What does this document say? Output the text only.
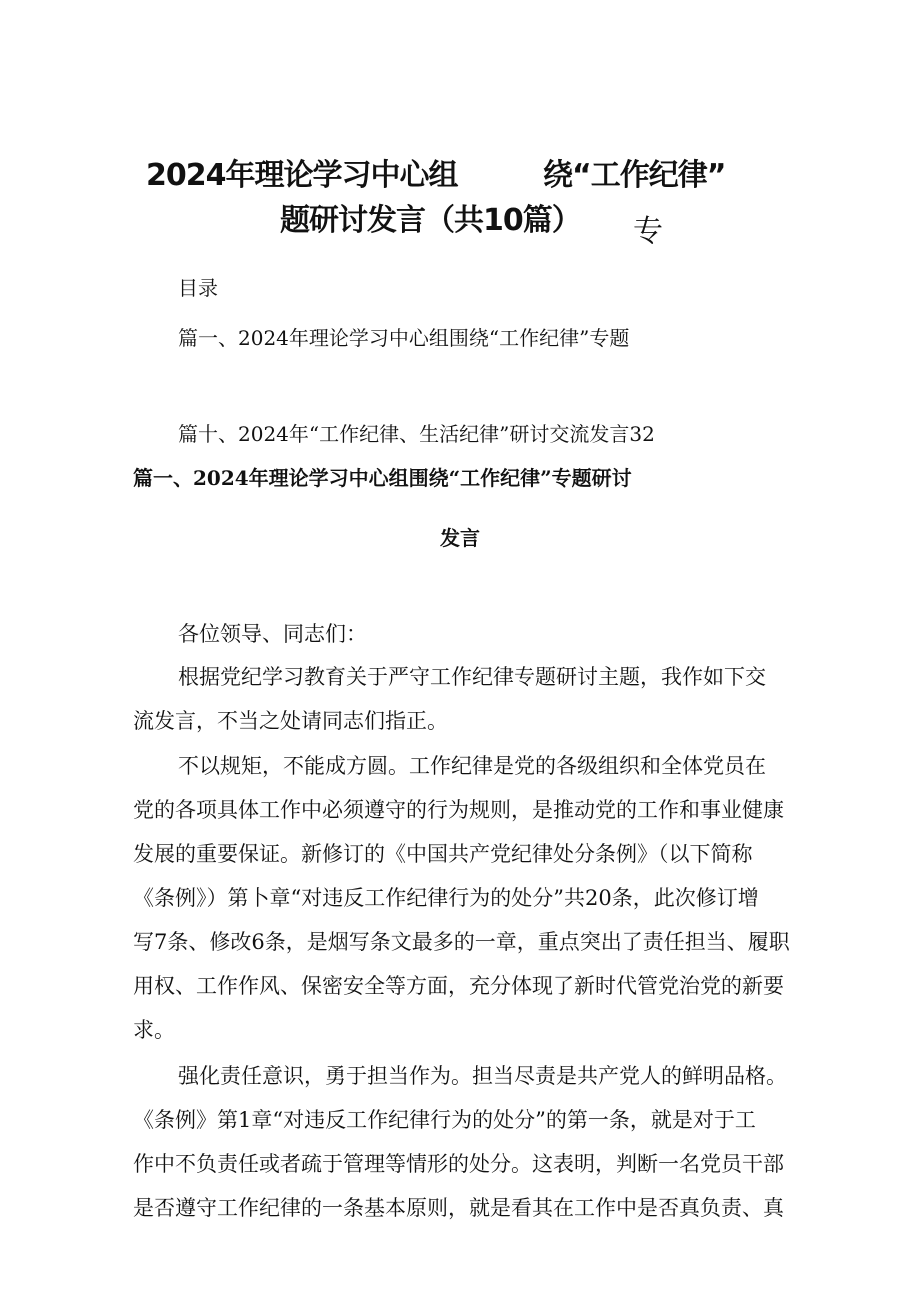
2024年理论学习中心组	绕“工作纪律”
题研讨发言（共10篇） 专
目录
篇一、2024年理论学习中心组围绕“工作纪律”专题
篇十、2024年“工作纪律、生活纪律”研讨交流发言32
篇一、2024年理论学习中心组围绕“工作纪律”专题研讨
发言
各位领导、同志们：
根据党纪学习教育关于严守工作纪律专题研讨主题，我作如下交
流发言，不当之处请同志们指正。
不以规矩，不能成方圆。工作纪律是党的各级组织和全体党员在
党的各项具体工作中必须遵守的行为规则，是推动党的工作和事业健康
发展的重要保证。新修订的《中国共产党纪律处分条例》（以下简称
《条例》）第卜章“对违反工作纪律行为的处分”共20条，此次修订增
写7条、修改6条，是烟写条文最多的一章，重点突出了责任担当、履职
用权、工作作风、保密安全等方面，充分体现了新时代管党治党的新要
求。
强化责任意识，勇于担当作为。担当尽责是共产党人的鲜明品格。
《条例》第1章“对违反工作纪律行为的处分”的第一条，就是对于工
作中不负责任或者疏于管理等情形的处分。这表明，判断一名党员干部
是否遵守工作纪律的一条基本原则，就是看其在工作中是否真负责、真
